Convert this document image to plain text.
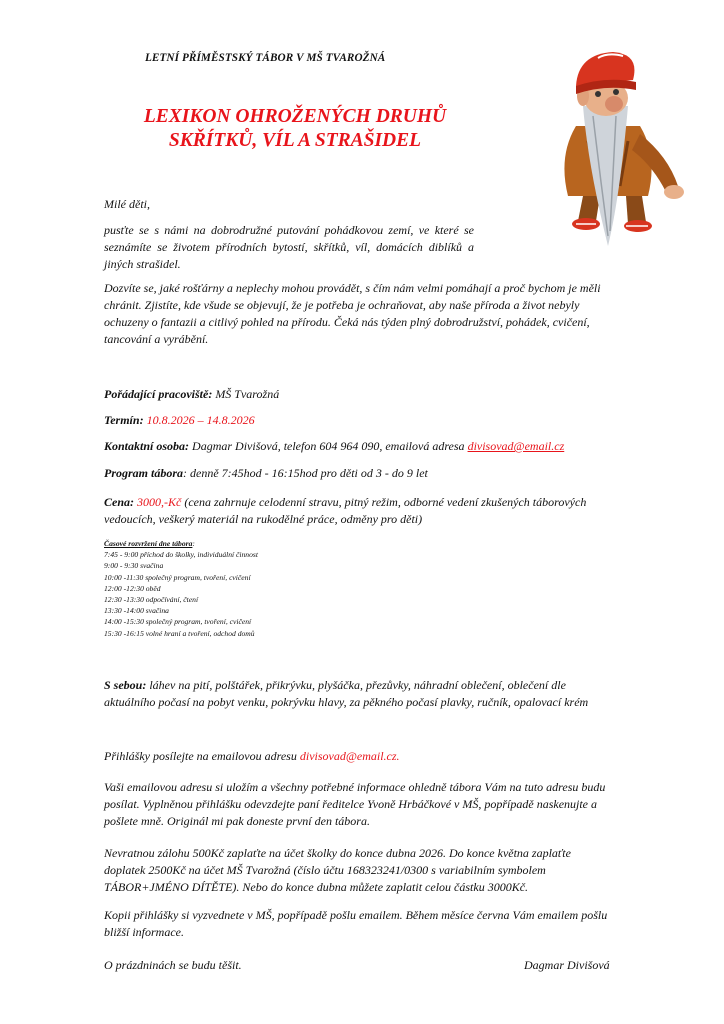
LETNÍ PŘÍMĚSTSKÝ TÁBOR V MŠ TVAROŽNÁ
LEXIKON OHROŽENÝCH DRUHŮ
SKŘÍTKŮ, VÍL A STRAŠIDEL
Milé děti,
pusťte se s námi na dobrodružné putování pohádkovou zemí, ve které se seznámíte se životem přírodních bytostí, skřítků, víl, domácích diblíků a jiných strašidel.
Dozvíte se, jaké rošťárny a neplechy mohou provádět, s čím nám velmi pomáhají a proč bychom je měli
chránit. Zjistíte, kde všude se objevují, že je potřeba je ochraňovat, aby naše příroda a život nebyly
ochuzeny o fantazii a citlivý pohled na přírodu. Čeká nás týden plný dobrodružství, pohádek, cvičení,
tancování a vyrábění.
Pořádající pracoviště: MŠ Tvarožná
Termín: 10.8.2026 – 14.8.2026
Kontaktní osoba: Dagmar Divišová, telefon 604 964 090, emailová adresa divisovad@email.cz
Program tábora: denně 7:45hod - 16:15hod pro děti od 3 - do 9 let
Cena: 3000,-Kč (cena zahrnuje celodenní stravu, pitný režim, odborné vedení zkušených táborových
vedoucích, veškerý materiál na rukodělné práce, odměny pro děti)
Časové rozvržení dne tábora:
7:45 - 9:00 příchod do školky, individuální činnost
9:00 - 9:30 svačina
10:00 -11:30 společný program, tvoření, cvičení
12:00 -12:30 oběd
12:30 -13:30 odpočívání, čtení
13:30 -14:00 svačina
14:00 -15:30 společný program, tvoření, cvičení
15:30 -16:15 volné hraní a tvoření, odchod domů
S sebou: láhev na pití, polštářek, přikrývku, plyšáčka, přezůvky, náhradní oblečení, oblečení dle
aktuálního počasí na pobyt venku, pokrývku hlavy, za pěkného počasí plavky, ručník, opalovací krém
Přihlášky posílejte na emailovou adresu divisovad@email.cz.
Vaši emailovou adresu si uložím a všechny potřebné informace ohledně tábora Vám na tuto adresu budu
posílat. Vyplněnou přihlášku odevzdejte paní ředitelce Yvoně Hrbáčkové v MŠ, popřípadě naskenujte a
pošlete mně. Originál mi pak doneste první den tábora.
Nevratnou zálohu 500Kč zaplaťte na účet školky do konce dubna 2026. Do konce května zaplaťte
doplatek 2500Kč na účet MŠ Tvarožná (číslo účtu 168323241/0300 s variabilním symbolem
TÁBOR+JMÉNO DÍTĚTE). Nebo do konce dubna můžete zaplatit celou částku 3000Kč.
Kopii přihlášky si vyzvednete v MŠ, popřípadě pošlu emailem. Během měsíce června Vám emailem pošlu
bližší informace.
O prázdninách se budu těšit.	Dagmar Divišová
